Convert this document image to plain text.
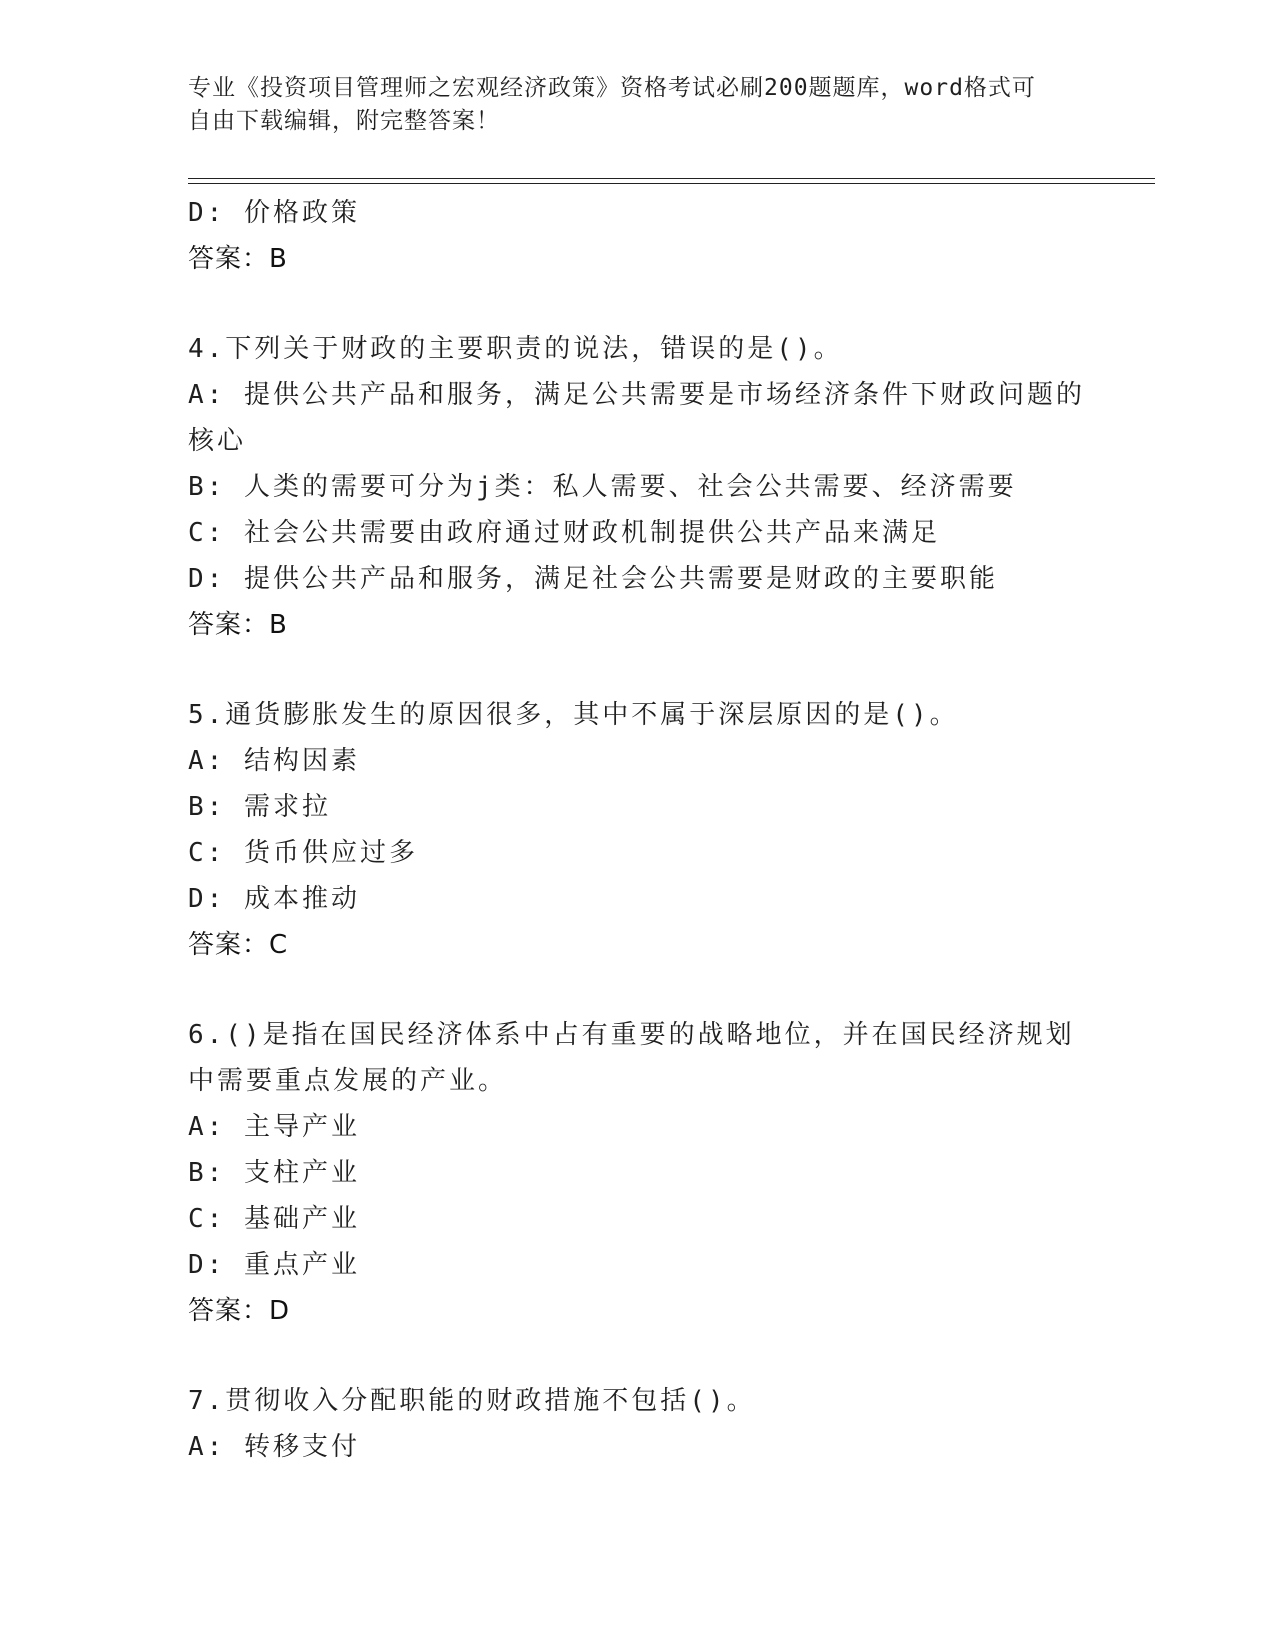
专业《投资项目管理师之宏观经济政策》资格考试必刷200题题库，word格式可
自由下载编辑，附完整答案！
D: 价格政策
答案：B
4.下列关于财政的主要职责的说法，错误的是()。
A: 提供公共产品和服务，满足公共需要是市场经济条件下财政问题的
核心
B: 人类的需要可分为j类：私人需要、社会公共需要、经济需要
C: 社会公共需要由政府通过财政机制提供公共产品来满足
D: 提供公共产品和服务，满足社会公共需要是财政的主要职能
答案：B
5.通货膨胀发生的原因很多，其中不属于深层原因的是()。
A: 结构因素
B: 需求拉
C: 货币供应过多
D: 成本推动
答案：C
6.()是指在国民经济体系中占有重要的战略地位，并在国民经济规划
中需要重点发展的产业。
A: 主导产业
B: 支柱产业
C: 基础产业
D: 重点产业
答案：D
7.贯彻收入分配职能的财政措施不包括()。
A: 转移支付
